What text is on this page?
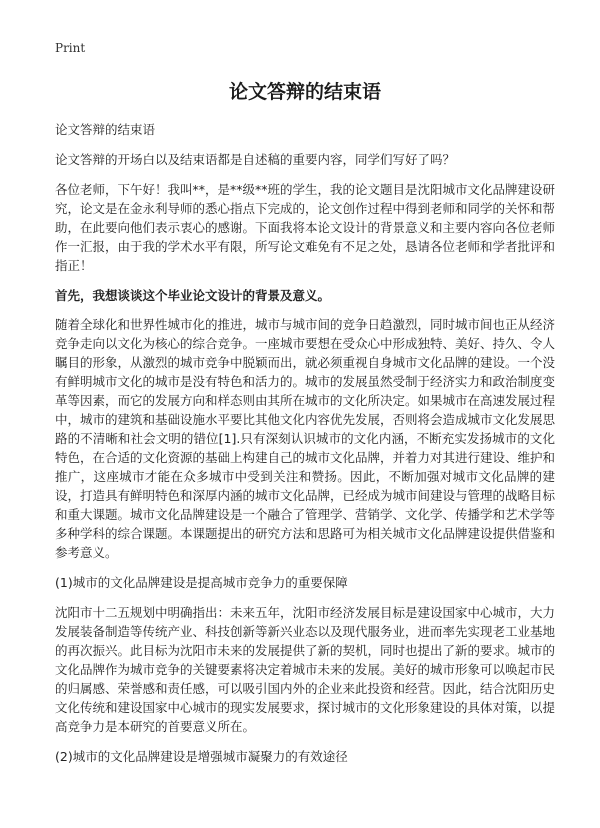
Print
论文答辩的结束语

论文答辩的结束语

论文答辩的开场白以及结束语都是自述稿的重要内容，同学们写好了吗？

各位老师，下午好！我叫**，是**级**班的学生，我的论文题目是沈阳城市文化品牌建设研究，论文是在金永利导师的悉心指点下完成的，论文创作过程中得到老师和同学的关怀和帮助，在此要向他们表示衷心的感谢。下面我将本论文设计的背景意义和主要内容向各位老师作一汇报，由于我的学术水平有限，所写论文难免有不足之处，恳请各位老师和学者批评和指正！

首先，我想谈谈这个毕业论文设计的背景及意义。

随着全球化和世界性城市化的推进，城市与城市间的竞争日趋激烈，同时城市间也正从经济竞争走向以文化为核心的综合竞争。一座城市要想在受众心中形成独特、美好、持久、令人瞩目的形象，从激烈的城市竞争中脱颖而出，就必须重视自身城市文化品牌的建设。一个没有鲜明城市文化的城市是没有特色和活力的。城市的发展虽然受制于经济实力和政治制度变革等因素，而它的发展方向和样态则由其所在城市的文化所决定。如果城市在高速发展过程中，城市的建筑和基础设施水平要比其他文化内容优先发展，否则将会造成城市文化发展思路的不清晰和社会文明的错位[1].只有深刻认识城市的文化内涵，不断充实发扬城市的文化特色，在合适的文化资源的基础上构建自己的城市文化品牌，并着力对其进行建设、维护和推广，这座城市才能在众多城市中受到关注和赞扬。因此，不断加强对城市文化品牌的建设，打造具有鲜明特色和深厚内涵的城市文化品牌，已经成为城市间建设与管理的战略目标和重大课题。城市文化品牌建设是一个融合了管理学、营销学、文化学、传播学和艺术学等多种学科的综合课题。本课题提出的研究方法和思路可为相关城市文化品牌建设提供借鉴和参考意义。

(1)城市的文化品牌建设是提高城市竞争力的重要保障

沈阳市十二五规划中明确指出：未来五年，沈阳市经济发展目标是建设国家中心城市，大力发展装备制造等传统产业、科技创新等新兴业态以及现代服务业，进而率先实现老工业基地的再次振兴。此目标为沈阳市未来的发展提供了新的契机，同时也提出了新的要求。城市的文化品牌作为城市竞争的关键要素将决定着城市未来的发展。美好的城市形象可以唤起市民的归属感、荣誉感和责任感，可以吸引国内外的企业来此投资和经营。因此，结合沈阳历史文化传统和建设国家中心城市的现实发展要求，探讨城市的文化形象建设的具体对策，以提高竞争力是本研究的首要意义所在。

(2)城市的文化品牌建设是增强城市凝聚力的有效途径
